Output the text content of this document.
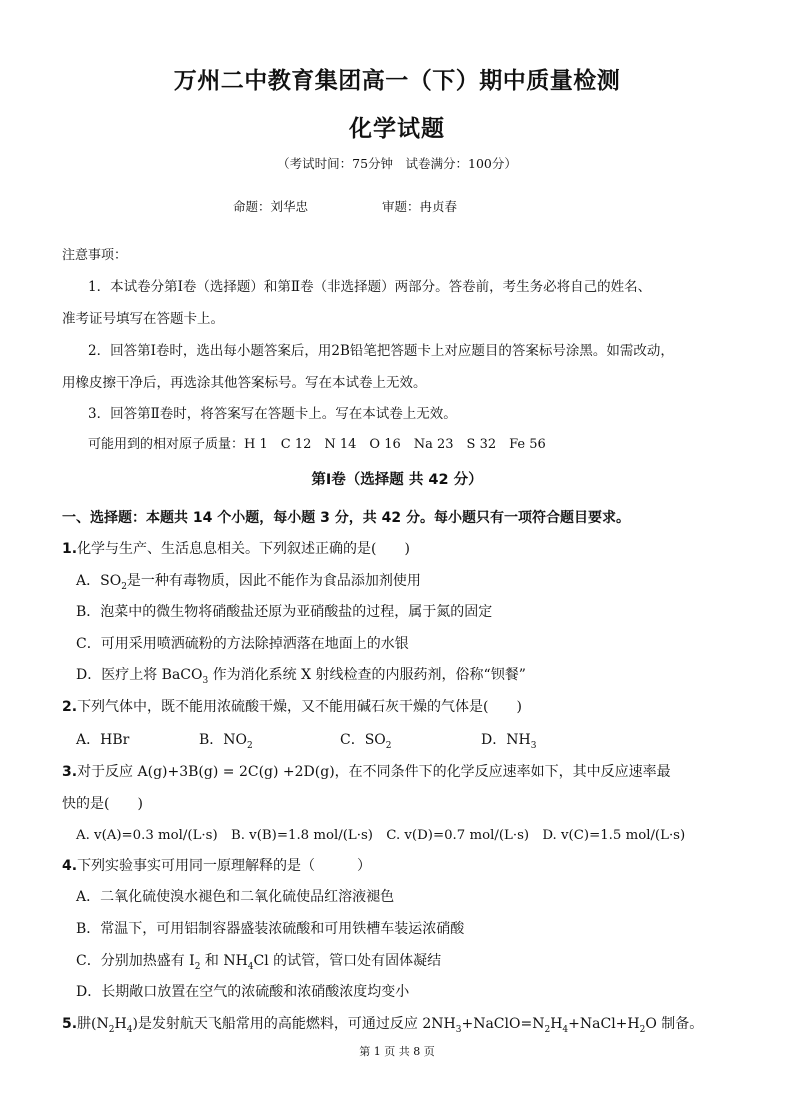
万州二中教育集团高一（下）期中质量检测
化学试题
（考试时间：75分钟　试卷满分：100分）
命题：刘华忠	审题：冉贞春
注意事项：
1．本试卷分第Ⅰ卷（选择题）和第Ⅱ卷（非选择题）两部分。答卷前，考生务必将自己的姓名、
准考证号填写在答题卡上。
2．回答第Ⅰ卷时，选出每小题答案后，用2B铅笔把答题卡上对应题目的答案标号涂黑。如需改动，
用橡皮擦干净后，再选涂其他答案标号。写在本试卷上无效。
3．回答第Ⅱ卷时，将答案写在答题卡上。写在本试卷上无效。
可能用到的相对原子质量：H 1　C 12　N 14　O 16　Na 23　S 32　Fe 56
第Ⅰ卷（选择题 共 42 分）
一、选择题：本题共 14 个小题，每小题 3 分，共 42 分。每小题只有一项符合题目要求。
1.化学与生产、生活息息相关。下列叙述正确的是(　　)
A．$SO_2$是一种有毒物质，因此不能作为食品添加剂使用
B．泡菜中的微生物将硝酸盐还原为亚硝酸盐的过程，属于氮的固定
C．可用采用喷洒硫粉的方法除掉洒落在地面上的水银
D．医疗上将 BaCO$_3$ 作为消化系统 X 射线检查的内服药剂，俗称“钡餐”
2.下列气体中，既不能用浓硫酸干燥，又不能用碱石灰干燥的气体是(　　)
A．HBr	B．$NO_2$	C．$SO_2$	D．$NH_3$
3.对于反应 A(g)+3B(g) = 2C(g) +2D(g)，在不同条件下的化学反应速率如下，其中反应速率最
快的是(　　)
A. v(A)=0.3 mol/(L·s)　B. v(B)=1.8 mol/(L·s)　C. v(D)=0.7 mol/(L·s)　D. v(C)=1.5 mol/(L·s)
4.下列实验事实可用同一原理解释的是（　　　）
A．二氧化硫使溴水褪色和二氧化硫使品红溶液褪色
B．常温下，可用铝制容器盛装浓硫酸和可用铁槽车装运浓硝酸
C．分别加热盛有 $I_2$ 和 $NH_4Cl$ 的试管，管口处有固体凝结
D．长期敞口放置在空气的浓硫酸和浓硝酸浓度均变小
5.肼$(N_2H_4)$是发射航天飞船常用的高能燃料，可通过反应 $2NH_3+NaClO=N_2H_4+NaCl+H_2O$ 制备。
第 1 页 共 8 页
